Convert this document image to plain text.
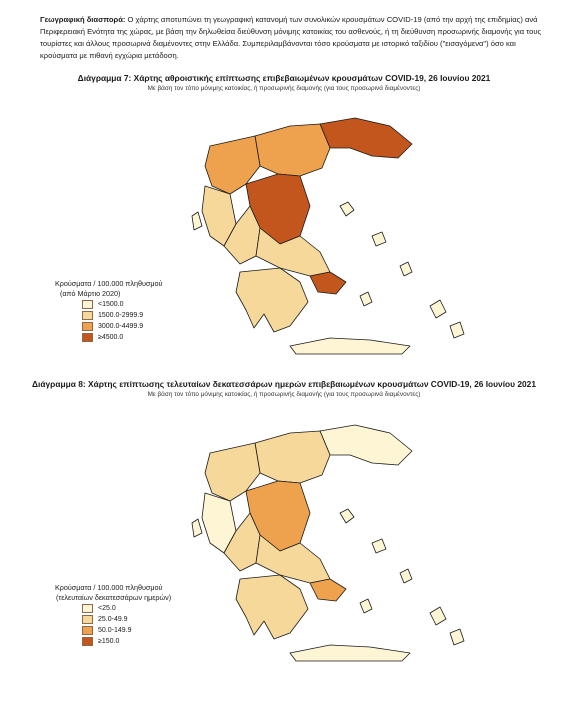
Γεωγραφική διασπορά: Ο χάρτης αποτυπώνει τη γεωγραφική κατανομή των συνολικών κρουσμάτων COVID-19 (από την αρχή της επιδημίας) ανά Περιφερειακή Ενότητα της χώρας, με βάση την δηλωθείσα διεύθυνση μόνιμης κατοικίας του ασθενούς, ή τη διεύθυνση προσωρινής διαμονής για τους τουρίστες και άλλους προσωρινά διαμένοντες στην Ελλάδα. Συμπεριλαμβάνονται τόσο κρούσματα με ιστορικό ταξιδίου ("εισαγόμενα") όσο και κρούσματα με πιθανή εγχώρια μετάδοση.
Διάγραμμα 7: Χάρτης αθροιστικής επίπτωσης επιβεβαιωμένων κρουσμάτων COVID-19, 26 Ιουνίου 2021
Με βάση τον τόπο μόνιμης κατοικίας, ή προσωρινής διαμονής (για τους προσωρινά διαμένοντες)
Κρούσματα / 100.000 πληθυσμού
(από Μάρτιο 2020)
<1500.0
1500.0-2999.9
3000.0-4499.9
≥4500.0
Διάγραμμα 8: Χάρτης επίπτωσης τελευταίων δεκατεσσάρων ημερών επιβεβαιωμένων κρουσμάτων COVID-19, 26 Ιουνίου 2021
Με βάση τον τόπο μόνιμης κατοικίας, ή προσωρινής διαμονής (για τους προσωρινά διαμένοντες)
Κρούσματα / 100.000 πληθυσμού
(τελευταίων δεκατεσσάρων ημερών)
<25.0
25.0-49.9
50.0-149.9
≥150.0
